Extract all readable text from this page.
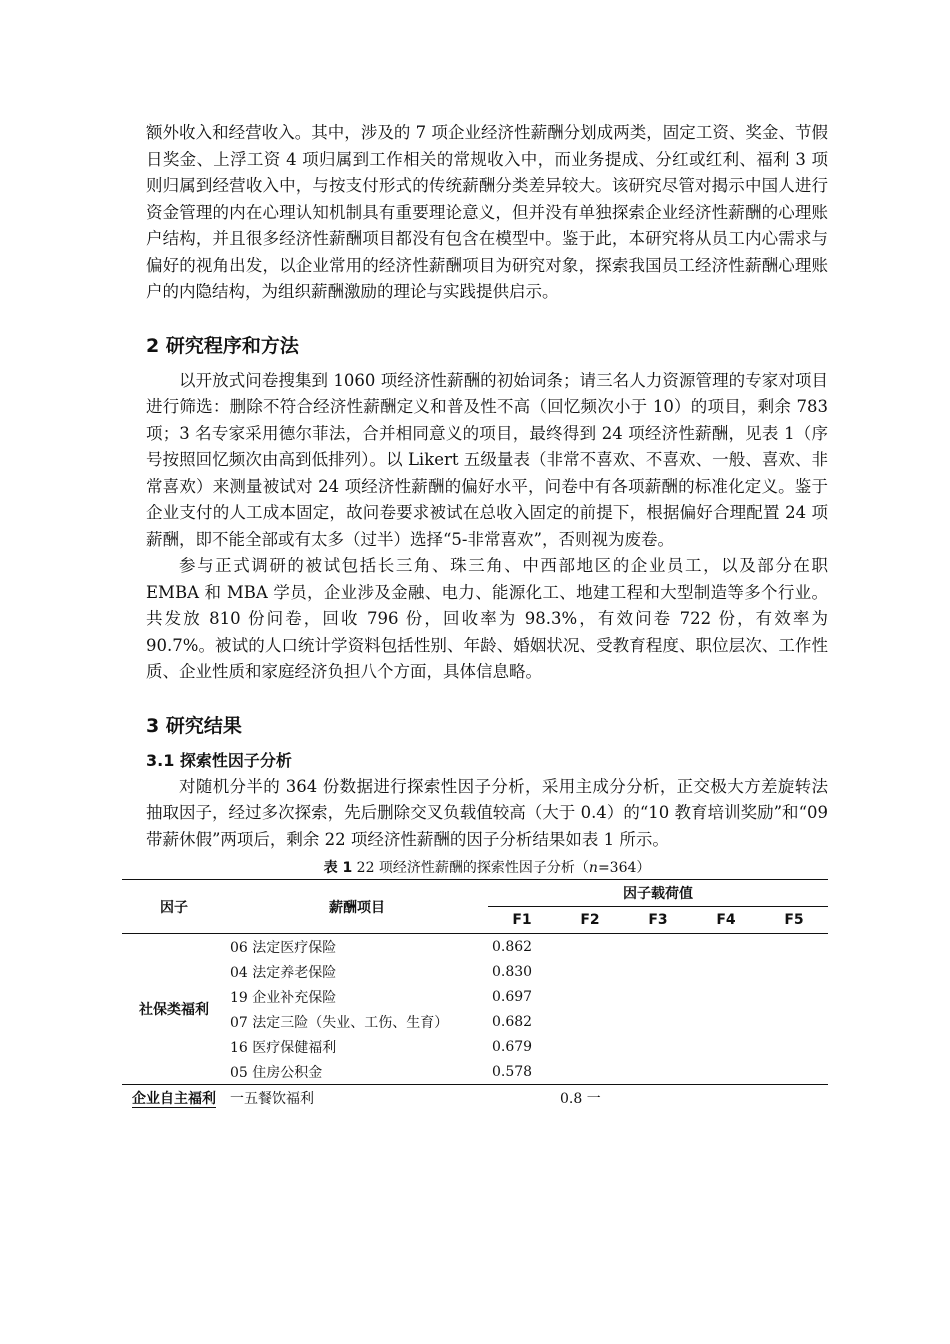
额外收入和经营收入。其中，涉及的 7 项企业经济性薪酬分划成两类，固定工资、奖金、节假日奖金、上浮工资 4 项归属到工作相关的常规收入中，而业务提成、分红或红利、福利 3 项则归属到经营收入中，与按支付形式的传统薪酬分类差异较大。该研究尽管对揭示中国人进行资金管理的内在心理认知机制具有重要理论意义，但并没有单独探索企业经济性薪酬的心理账户结构，并且很多经济性薪酬项目都没有包含在模型中。鉴于此，本研究将从员工内心需求与偏好的视角出发，以企业常用的经济性薪酬项目为研究对象，探索我国员工经济性薪酬心理账户的内隐结构，为组织薪酬激励的理论与实践提供启示。

2 研究程序和方法

以开放式问卷搜集到 1060 项经济性薪酬的初始词条；请三名人力资源管理的专家对项目进行筛选：删除不符合经济性薪酬定义和普及性不高（回忆频次小于 10）的项目，剩余 783 项；3 名专家采用德尔菲法，合并相同意义的项目，最终得到 24 项经济性薪酬，见表 1（序号按照回忆频次由高到低排列）。以 Likert 五级量表（非常不喜欢、不喜欢、一般、喜欢、非常喜欢）来测量被试对 24 项经济性薪酬的偏好水平，问卷中有各项薪酬的标准化定义。鉴于企业支付的人工成本固定，故问卷要求被试在总收入固定的前提下，根据偏好合理配置 24 项薪酬，即不能全部或有太多（过半）选择“5-非常喜欢”，否则视为废卷。

参与正式调研的被试包括长三角、珠三角、中西部地区的企业员工，以及部分在职 EMBA 和 MBA 学员，企业涉及金融、电力、能源化工、地建工程和大型制造等多个行业。共发放 810 份问卷，回收 796 份，回收率为 98.3%，有效问卷 722 份，有效率为 90.7%。被试的人口统计学资料包括性别、年龄、婚姻状况、受教育程度、职位层次、工作性质、企业性质和家庭经济负担八个方面，具体信息略。

3 研究结果
3.1 探索性因子分析

对随机分半的 364 份数据进行探索性因子分析，采用主成分分析，正交极大方差旋转法抽取因子，经过多次探索，先后删除交叉负载值较高（大于 0.4）的“10 教育培训奖励”和“09 带薪休假”两项后，剩余 22 项经济性薪酬的因子分析结果如表 1 所示。

表 1 22 项经济性薪酬的探索性因子分析（n=364）
因子	薪酬项目	因子载荷值				
		F1	F2	F3	F4	F5
社保类福利	06 法定医疗保险	0.862				
	04 法定养老保险	0.830				
	19 企业补充保险	0.697				
	07 法定三险（失业、工伤、生育）	0.682				
	16 医疗保健福利	0.679				
	05 住房公积金	0.578				
企业自主福利	一五餐饮福利		0.8 一			
